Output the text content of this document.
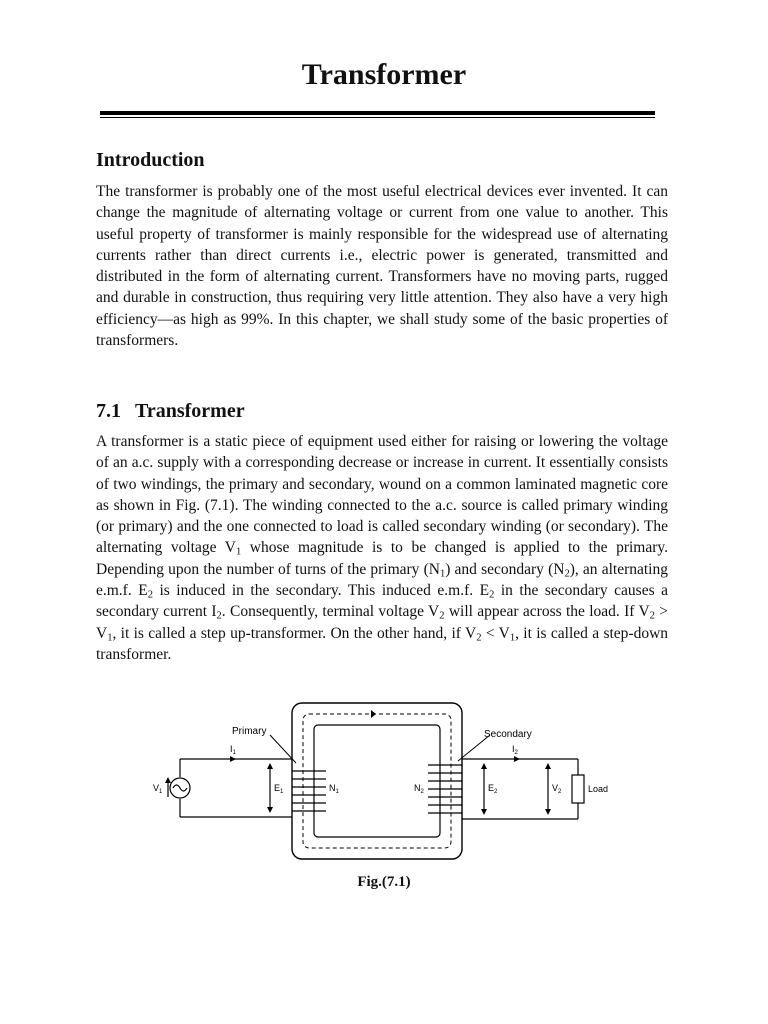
Transformer
Introduction

The transformer is probably one of the most useful electrical devices ever invented. It can change the magnitude of alternating voltage or current from one value to another. This useful property of transformer is mainly responsible for the widespread use of alternating currents rather than direct currents i.e., electric power is generated, transmitted and distributed in the form of alternating current. Transformers have no moving parts, rugged and durable in construction, thus requiring very little attention. They also have a very high efficiency—as high as 99%. In this chapter, we shall study some of the basic properties of transformers.

7.1 Transformer

A transformer is a static piece of equipment used either for raising or lowering the voltage of an a.c. supply with a corresponding decrease or increase in current. It essentially consists of two windings, the primary and secondary, wound on a common laminated magnetic core as shown in Fig. (7.1). The winding connected to the a.c. source is called primary winding (or primary) and the one connected to load is called secondary winding (or secondary). The alternating voltage $V_1$ whose magnitude is to be changed is applied to the primary. Depending upon the number of turns of the primary $(N_1)$ and secondary $(N_2)$, an alternating e.m.f. $E_2$ is induced in the secondary. This induced e.m.f. $E_2$ in the secondary causes a secondary current $I_2$. Consequently, terminal voltage $V_2$ will appear across the load. If $V_2 > V_1$, it is called a step up-transformer. On the other hand, if $V_2 < V_1$, it is called a step-down transformer.

Primary	Secondary
$I_1$	$I_2$
$V_1$	$E_1$	$N_1$	$N_2$	$E_2$	$V_2$	Load

Fig.(7.1)
